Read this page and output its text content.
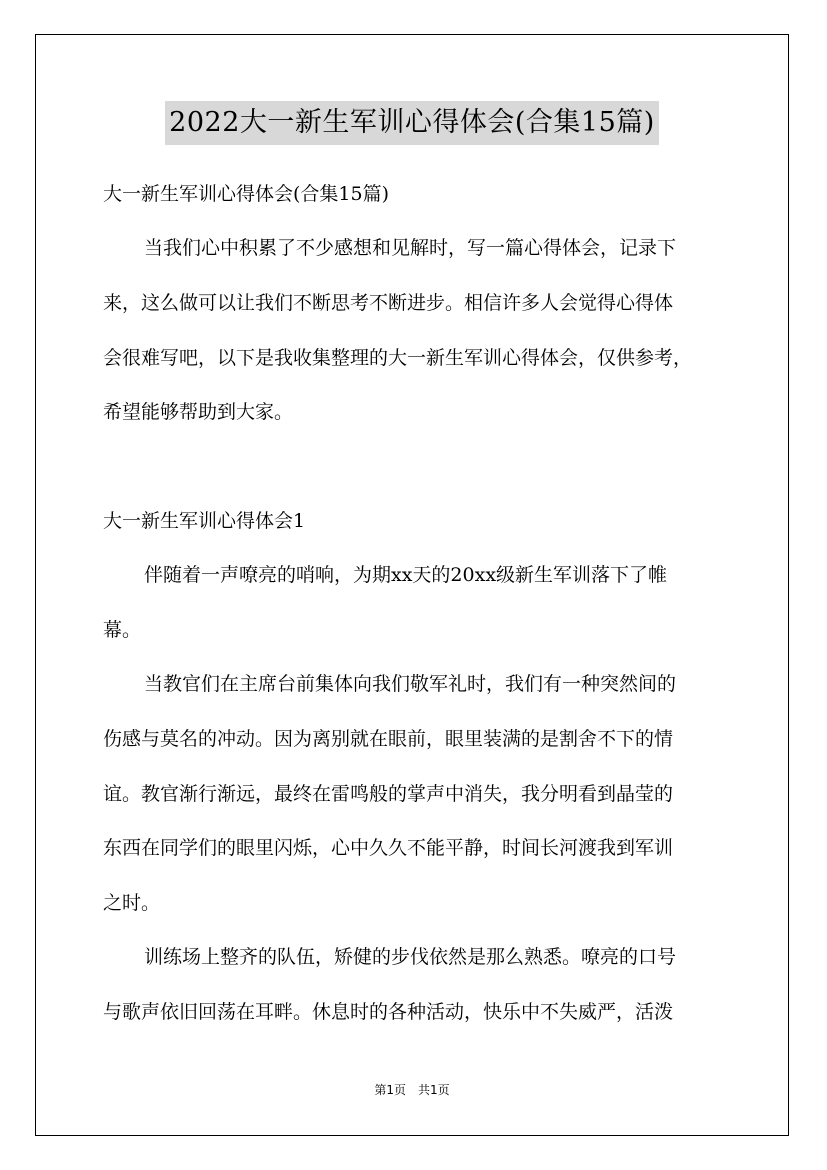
2022大一新生军训心得体会(合集15篇)
大一新生军训心得体会(合集15篇)
当我们心中积累了不少感想和见解时，写一篇心得体会，记录下
来，这么做可以让我们不断思考不断进步。相信许多人会觉得心得体
会很难写吧，以下是我收集整理的大一新生军训心得体会，仅供参考，
希望能够帮助到大家。
大一新生军训心得体会1
伴随着一声嘹亮的哨响，为期xx天的20xx级新生军训落下了帷
幕。
当教官们在主席台前集体向我们敬军礼时，我们有一种突然间的
伤感与莫名的冲动。因为离别就在眼前，眼里装满的是割舍不下的情
谊。教官渐行渐远，最终在雷鸣般的掌声中消失，我分明看到晶莹的
东西在同学们的眼里闪烁，心中久久不能平静，时间长河渡我到军训
之时。
训练场上整齐的队伍，矫健的步伐依然是那么熟悉。嘹亮的口号
与歌声依旧回荡在耳畔。休息时的各种活动，快乐中不失威严，活泼
第1页　共1页
